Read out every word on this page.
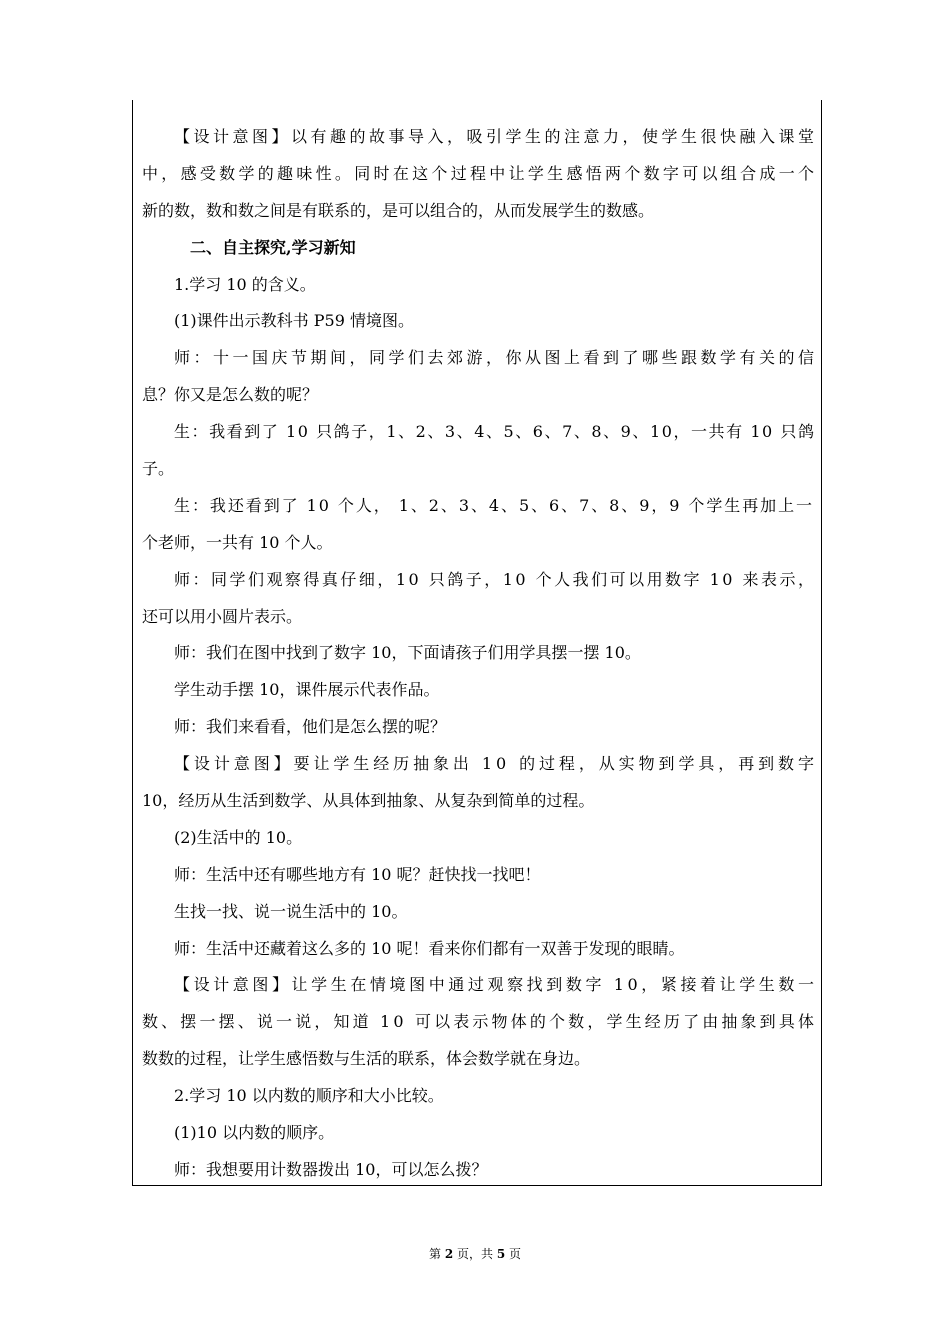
【设计意图】以有趣的故事导入，吸引学生的注意力，使学生很快融入课堂
中，感受数学的趣味性。同时在这个过程中让学生感悟两个数字可以组合成一个
新的数，数和数之间是有联系的，是可以组合的，从而发展学生的数感。
二、自主探究,学习新知
1.学习 10 的含义。
(1)课件出示教科书 P59 情境图。
师：十一国庆节期间，同学们去郊游，你从图上看到了哪些跟数学有关的信
息？你又是怎么数的呢？
生：我看到了 10 只鸽子，1、2、3、4、5、6、7、8、9、10，一共有 10 只鸽
子。
生：我还看到了 10 个人， 1、2、3、4、5、6、7、8、9，9 个学生再加上一
个老师，一共有 10 个人。
师：同学们观察得真仔细，10 只鸽子，10 个人我们可以用数字 10 来表示，
还可以用小圆片表示。
师：我们在图中找到了数字 10，下面请孩子们用学具摆一摆 10。
学生动手摆 10，课件展示代表作品。
师：我们来看看，他们是怎么摆的呢？
【设计意图】要让学生经历抽象出 10 的过程，从实物到学具，再到数字
10，经历从生活到数学、从具体到抽象、从复杂到简单的过程。
(2)生活中的 10。
师：生活中还有哪些地方有 10 呢？赶快找一找吧！
生找一找、说一说生活中的 10。
师：生活中还藏着这么多的 10 呢！看来你们都有一双善于发现的眼睛。
【设计意图】让学生在情境图中通过观察找到数字 10，紧接着让学生数一
数、摆一摆、说一说，知道 10 可以表示物体的个数，学生经历了由抽象到具体
数数的过程，让学生感悟数与生活的联系，体会数学就在身边。
2.学习 10 以内数的顺序和大小比较。
(1)10 以内数的顺序。
师：我想要用计数器拨出 10，可以怎么拨？
第 2 页，共 5 页
